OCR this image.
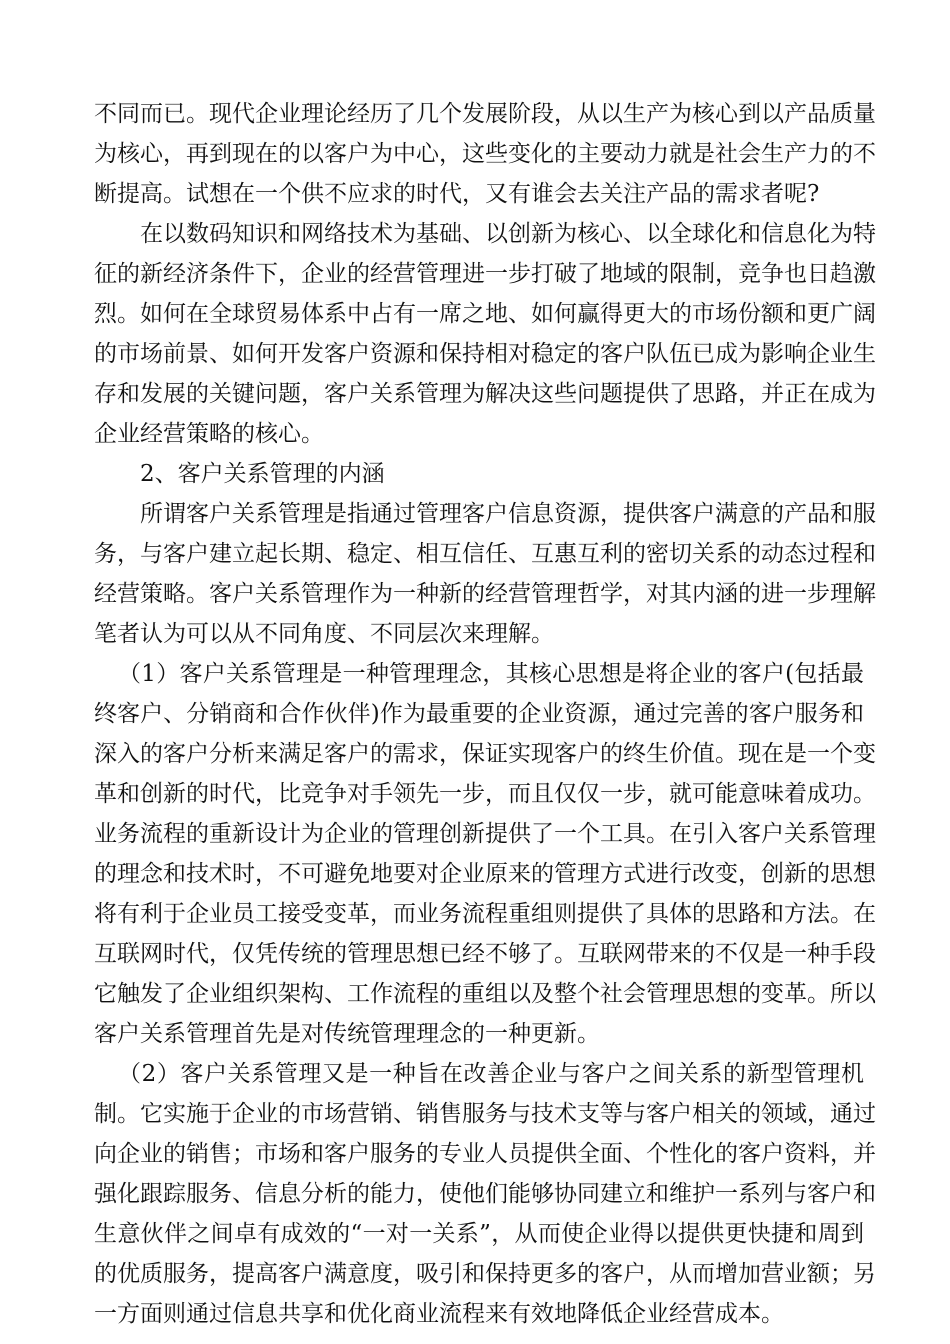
不同而已。现代企业理论经历了几个发展阶段，从以生产为核心到以产品质量
为核心，再到现在的以客户为中心，这些变化的主要动力就是社会生产力的不
断提高。试想在一个供不应求的时代，又有谁会去关注产品的需求者呢?
在以数码知识和网络技术为基础、以创新为核心、以全球化和信息化为特
征的新经济条件下，企业的经营管理进一步打破了地域的限制，竞争也日趋激
烈。如何在全球贸易体系中占有一席之地、如何赢得更大的市场份额和更广阔
的市场前景、如何开发客户资源和保持相对稳定的客户队伍已成为影响企业生
存和发展的关键问题，客户关系管理为解决这些问题提供了思路，并正在成为
企业经营策略的核心。
2、客户关系管理的内涵
所谓客户关系管理是指通过管理客户信息资源，提供客户满意的产品和服
务，与客户建立起长期、稳定、相互信任、互惠互利的密切关系的动态过程和
经营策略。客户关系管理作为一种新的经营管理哲学，对其内涵的进一步理解
笔者认为可以从不同角度、不同层次来理解。
（1）客户关系管理是一种管理理念，其核心思想是将企业的客户(包括最
终客户、分销商和合作伙伴)作为最重要的企业资源，通过完善的客户服务和
深入的客户分析来满足客户的需求，保证实现客户的终生价值。现在是一个变
革和创新的时代，比竞争对手领先一步，而且仅仅一步，就可能意味着成功。
业务流程的重新设计为企业的管理创新提供了一个工具。在引入客户关系管理
的理念和技术时，不可避免地要对企业原来的管理方式进行改变，创新的思想
将有利于企业员工接受变革，而业务流程重组则提供了具体的思路和方法。在
互联网时代，仅凭传统的管理思想已经不够了。互联网带来的不仅是一种手段
它触发了企业组织架构、工作流程的重组以及整个社会管理思想的变革。所以
客户关系管理首先是对传统管理理念的一种更新。
（2）客户关系管理又是一种旨在改善企业与客户之间关系的新型管理机
制。它实施于企业的市场营销、销售服务与技术支等与客户相关的领域，通过
向企业的销售；市场和客户服务的专业人员提供全面、个性化的客户资料，并
强化跟踪服务、信息分析的能力，使他们能够协同建立和维护一系列与客户和
生意伙伴之间卓有成效的“一对一关系”，从而使企业得以提供更快捷和周到
的优质服务，提高客户满意度，吸引和保持更多的客户，从而增加营业额；另
一方面则通过信息共享和优化商业流程来有效地降低企业经营成本。
